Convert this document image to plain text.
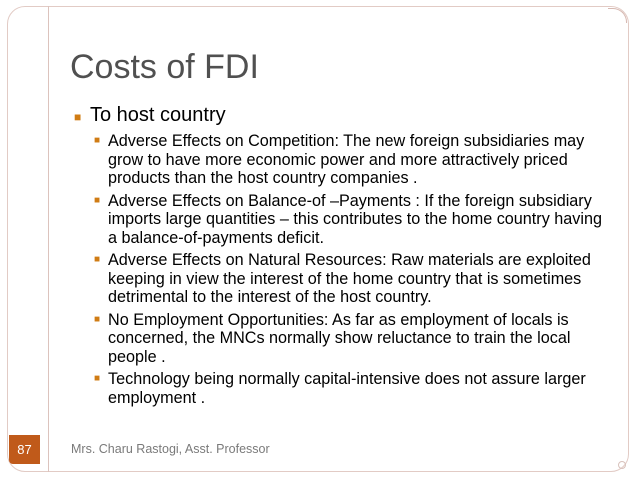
Costs of FDI
■ To host country
■ Adverse Effects on Competition: The new foreign subsidiaries may grow to have more economic power and more attractively priced products than the host country companies .
■ Adverse Effects on Balance-of –Payments : If the foreign subsidiary imports large quantities – this contributes to the home country having a balance-of-payments deficit.
■ Adverse Effects on Natural Resources: Raw materials are exploited keeping in view the interest of the home country that is sometimes detrimental to the interest of the host country.
■ No Employment Opportunities: As far as employment of locals is concerned, the MNCs normally show reluctance to train the local people .
■ Technology being normally capital-intensive does not assure larger employment .
87	Mrs. Charu Rastogi, Asst. Professor
